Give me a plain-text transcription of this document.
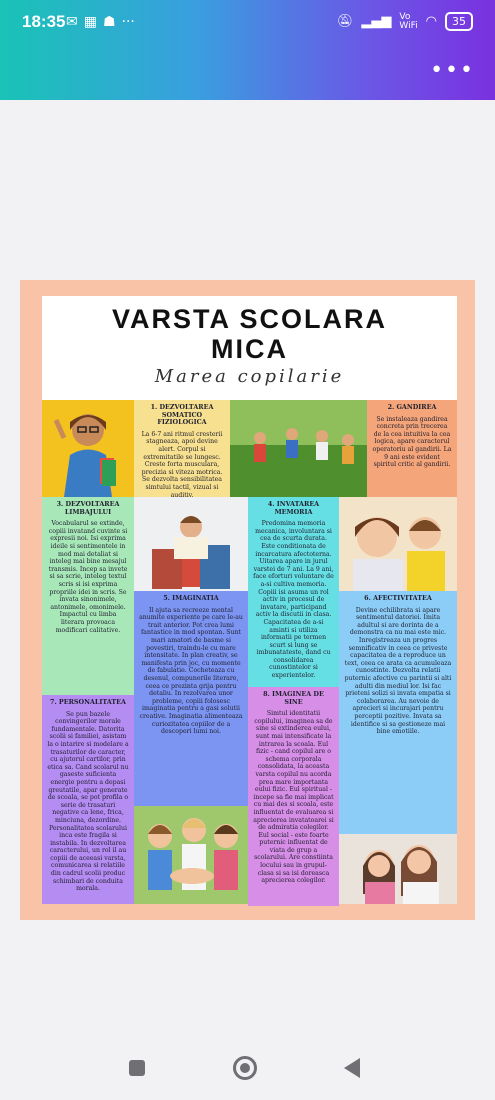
18:35 ✉ ▦ ☗ ···	🔕︎ ▂▄▆ Vo
WiFi ◠	35
•••
VARSTA SCOLARA
MICA
Marea copilarie
1. DEZVOLTAREA SOMATICO FIZIOLOGICA

La 6-7 ani ritmul cresterii stagneaza, apoi devine alert. Corpul si extremitatile se lungesc. Creste forta musculara, precizia si viteza motrica. Se dezvolta sensibilitatea simtului tactil, vizual si auditiv.

2. GANDIREA

Se instaleaza gandirea concreta prin trecerea de la cea intuitiva la cea logica, apare caracterul operatoriu al gandirii. La 9 ani este evident spiritul critic al gandirii.

3. DEZVOLTAREA LIMBAJULUI

Vocabularul se extinde, copiii invatand cuvinte si expresii noi. Isi exprima ideile si sentimentele in mod mai detaliat si inteleg mai bine mesajul transmis. Incep sa invete si sa scrie, inteleg textul scris si isi exprima propriile idei in scris. Se invata sinonimele, antonimele, omonimele. Impactul cu limba literara provoaca modificari calitative.

4. INVATAREA MEMORIA

Predomina memoria mecanica, involuntara si cea de scurta durata. Este conditionata de incarcatura afectoterna. Uitarea apare in jurul varstei de 7 ani. La 9 ani, face eforturi voluntare de a-si cultiva memoria. Copiii isi asuma un rol activ in procesul de invatare, participand activ la discutii in clasa. Capacitatea de a-si aminti si utiliza informatii pe termen scurt si lung se imbunatateste, dand cu consolidarea cunostintelor si experientelor.

5. IMAGINATIA

Il ajuta sa recreeze mental anumite experiente pe care le-au trait anterior. Pot crea lumi fantastice in mod spontan. Sunt mari amatori de basme si povestiri, traindu-le cu mare intensitate. In plan creativ, se manifesta prin joc, cu momente de fabulatie. Cocheteaza cu desenul, compunerile literare, ceea ce prezinta grija pentru detaliu. In rezolvarea unor probleme, copiii folosesc imaginatia pentru a gasi solutii creative. Imaginatia alimenteaza curiozitatea copiilor de a descoperi lumi noi.

6. AFECTIVITATEA

Devine echilibrata si apare sentimentul datoriei. Imita adultul si are dorinta de a demonstra ca nu mai este mic. Inregistreaza un progres semnificativ in ceea ce priveste capacitatea de a reproduce un text, ceea ce arata ca acumuleaza cunostinte. Dezvolta relatii puternic afective cu parintii si alti adulti din mediul lor. Isi fac prieteni solizi si invata empatia si colaborarea. Au nevoie de aprecieri si incurajari pentru perceptii pozitive. Invata sa identifice si sa gestioneze mai bine emotiile.

8. IMAGINEA DE SINE

Simtul identitatii copilului, imaginea sa de sine si extinderea eului, sunt mai intensificate la intrarea la scoala. Eul fizic - cand copilul are o schema corporala consolidata, la aceasta varsta copilul nu acorda prea mare importanta eului fizic. Eul spiritual - incepe sa fie mai implicat cu mai des si scoala, este influentat de evaluarea si aprecierea invatatoarei si de admiratia colegilor. Eul social - este foarte puternic influentat de viata de grup a scolarului. Are constiinta locului sau in grupul-clasa si sa isi doreasca aprecierea colegilor.

7. PERSONALITATEA

Se pun bazele convingerilor morale fundamentale. Datorita scolii si familiei, asistam la o intarire si modelare a trasaturilor de caracter, cu ajutorul cartilor, prin etica sa. Cand scolarul nu gaseste suficienta energie pentru a depasi greutatile, apar generate de scoala, se pot profila o serie de trasaturi negative ca lene, frica, minciuna, dezordine. Personalitatea scolarului inca este fragila si instabila. In dezvoltarea caracterului, un rol il au copiii de aceeasi varsta, comunicarea si relatiile din cadrul scolii produc schimbari de conduita morala.
